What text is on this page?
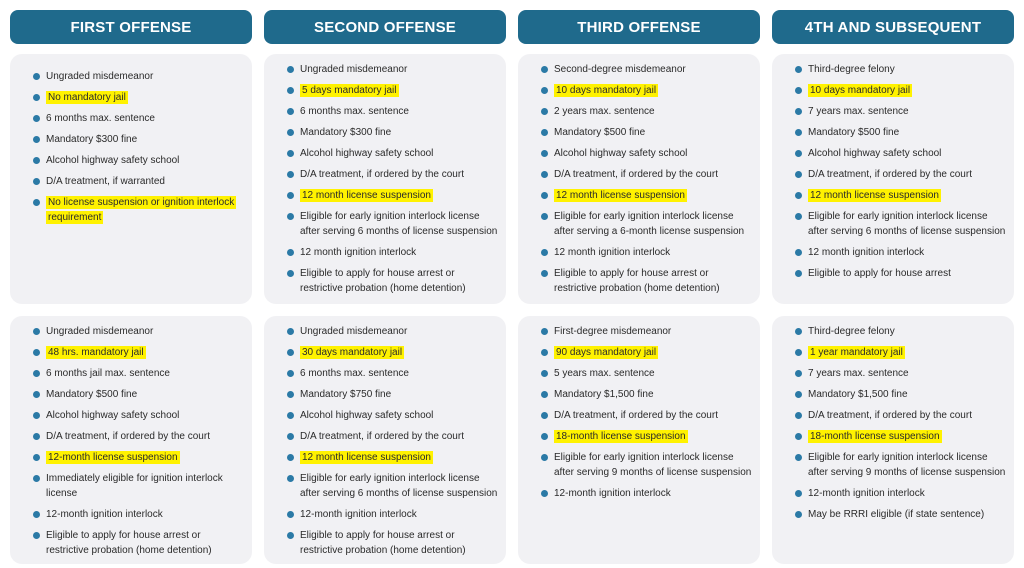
FIRST OFFENSE
Ungraded misdemeanor
No mandatory jail
6 months max. sentence
Mandatory $300 fine
Alcohol highway safety school
D/A treatment, if warranted
No license suspension or ignition interlock requirement
Ungraded misdemeanor
48 hrs. mandatory jail
6 months jail max. sentence
Mandatory $500 fine
Alcohol highway safety school
D/A treatment, if ordered by the court
12-month license suspension
Immediately eligible for ignition interlock license
12-month ignition interlock
Eligible to apply for house arrest or restrictive probation (home detention)
SECOND OFFENSE
Ungraded misdemeanor
5 days mandatory jail
6 months max. sentence
Mandatory $300 fine
Alcohol highway safety school
D/A treatment, if ordered by the court
12 month license suspension
Eligible for early ignition interlock license after serving 6 months of license suspension
12 month ignition interlock
Eligible to apply for house arrest or restrictive probation (home detention)
Ungraded misdemeanor
30 days mandatory jail
6 months max. sentence
Mandatory $750 fine
Alcohol highway safety school
D/A treatment, if ordered by the court
12 month license suspension
Eligible for early ignition interlock license after serving 6 months of license suspension
12-month ignition interlock
Eligible to apply for house arrest or restrictive probation (home detention)
THIRD OFFENSE
Second-degree misdemeanor
10 days mandatory jail
2 years max. sentence
Mandatory $500 fine
Alcohol highway safety school
D/A treatment, if ordered by the court
12 month license suspension
Eligible for early ignition interlock license after serving a 6-month license suspension
12 month ignition interlock
Eligible to apply for house arrest or restrictive probation (home detention)
First-degree misdemeanor
90 days mandatory jail
5 years max. sentence
Mandatory $1,500 fine
D/A treatment, if ordered by the court
18-month license suspension
Eligible for early ignition interlock license after serving 9 months of license suspension
12-month ignition interlock
4TH AND SUBSEQUENT
Third-degree felony
10 days mandatory jail
7 years max. sentence
Mandatory $500 fine
Alcohol highway safety school
D/A treatment, if ordered by the court
12 month license suspension
Eligible for early ignition interlock license after serving 6 months of license suspension
12 month ignition interlock
Eligible to apply for house arrest
Third-degree felony
1 year mandatory jail
7 years max. sentence
Mandatory $1,500 fine
D/A treatment, if ordered by the court
18-month license suspension
Eligible for early ignition interlock license after serving 9 months of license suspension
12-month ignition interlock
May be RRRI eligible (if state sentence)
